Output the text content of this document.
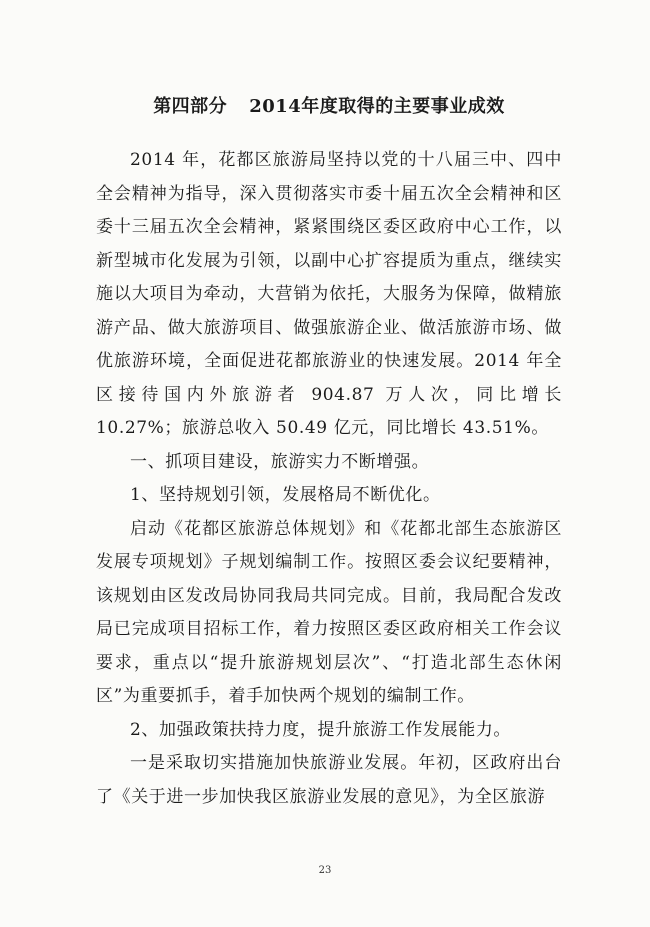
第四部分 2014年度取得的主要事业成效

2014 年，花都区旅游局坚持以党的十八届三中、四中全会精神为指导，深入贯彻落实市委十届五次全会精神和区委十三届五次全会精神，紧紧围绕区委区政府中心工作，以新型城市化发展为引领，以副中心扩容提质为重点，继续实施以大项目为牵动，大营销为依托，大服务为保障，做精旅游产品、做大旅游项目、做强旅游企业、做活旅游市场、做优旅游环境，全面促进花都旅游业的快速发展。2014 年全区接待国内外旅游者 904.87 万人次，同比增长 10.27%；旅游总收入 50.49 亿元，同比增长 43.51%。

一、抓项目建设，旅游实力不断增强。

1、坚持规划引领，发展格局不断优化。

启动《花都区旅游总体规划》和《花都北部生态旅游区发展专项规划》子规划编制工作。按照区委会议纪要精神，该规划由区发改局协同我局共同完成。目前，我局配合发改局已完成项目招标工作，着力按照区委区政府相关工作会议要求，重点以“提升旅游规划层次”、“打造北部生态休闲区”为重要抓手，着手加快两个规划的编制工作。

2、加强政策扶持力度，提升旅游工作发展能力。

一是采取切实措施加快旅游业发展。年初，区政府出台了《关于进一步加快我区旅游业发展的意见》，为全区旅游

23
